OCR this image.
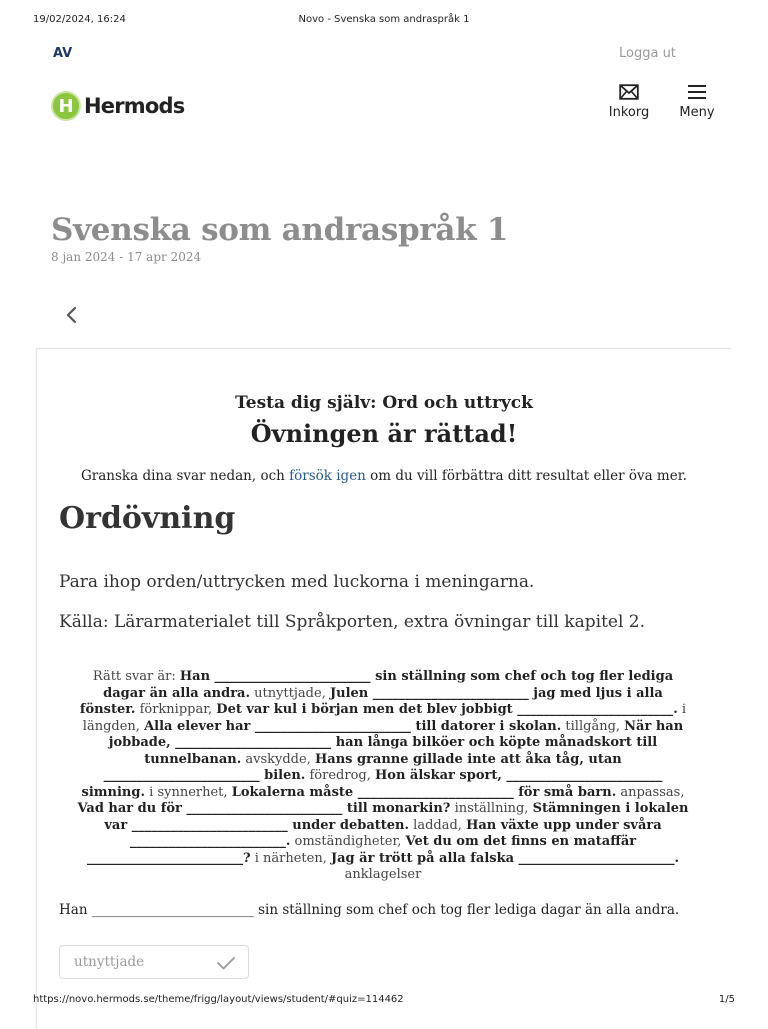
19/02/2024, 16:24	Novo - Svenska som andraspråk 1
AV	Logga ut
H Hermods	Inkorg Meny
Svenska som andraspråk 1
8 jan 2024 - 17 apr 2024
Testa dig själv: Ord och uttryck
Övningen är rättad!
Granska dina svar nedan, och försök igen om du vill förbättra ditt resultat eller öva mer.
Ordövning
Para ihop orden/uttrycken med luckorna i meningarna.
Källa: Lärarmaterialet till Språkporten, extra övningar till kapitel 2.
Rätt svar är: Han ________________________ sin ställning som chef och tog fler lediga dagar än alla andra. utnyttjade, Julen ________________________ jag med ljus i alla fönster. förknippar, Det var kul i början men det blev jobbigt ________________________. i längden, Alla elever har ________________________ till datorer i skolan. tillgång, När han jobbade, ________________________ han långa bilköer och köpte månadskort till tunnelbanan. avskydde, Hans granne gillade inte att åka tåg, utan ________________________ bilen. föredrog, Hon älskar sport, ________________________ simning. i synnerhet, Lokalerna måste ________________________ för små barn. anpassas, Vad har du för ________________________ till monarkin? inställning, Stämningen i lokalen var ________________________ under debatten. laddad, Han växte upp under svåra ________________________. omständigheter, Vet du om det finns en mataffär ________________________? i närheten, Jag är trött på alla falska ________________________. anklagelser
Han ________________________ sin ställning som chef och tog fler lediga dagar än alla andra.
utnyttjade
https://novo.hermods.se/theme/frigg/layout/views/student/#quiz=114462	1/5
